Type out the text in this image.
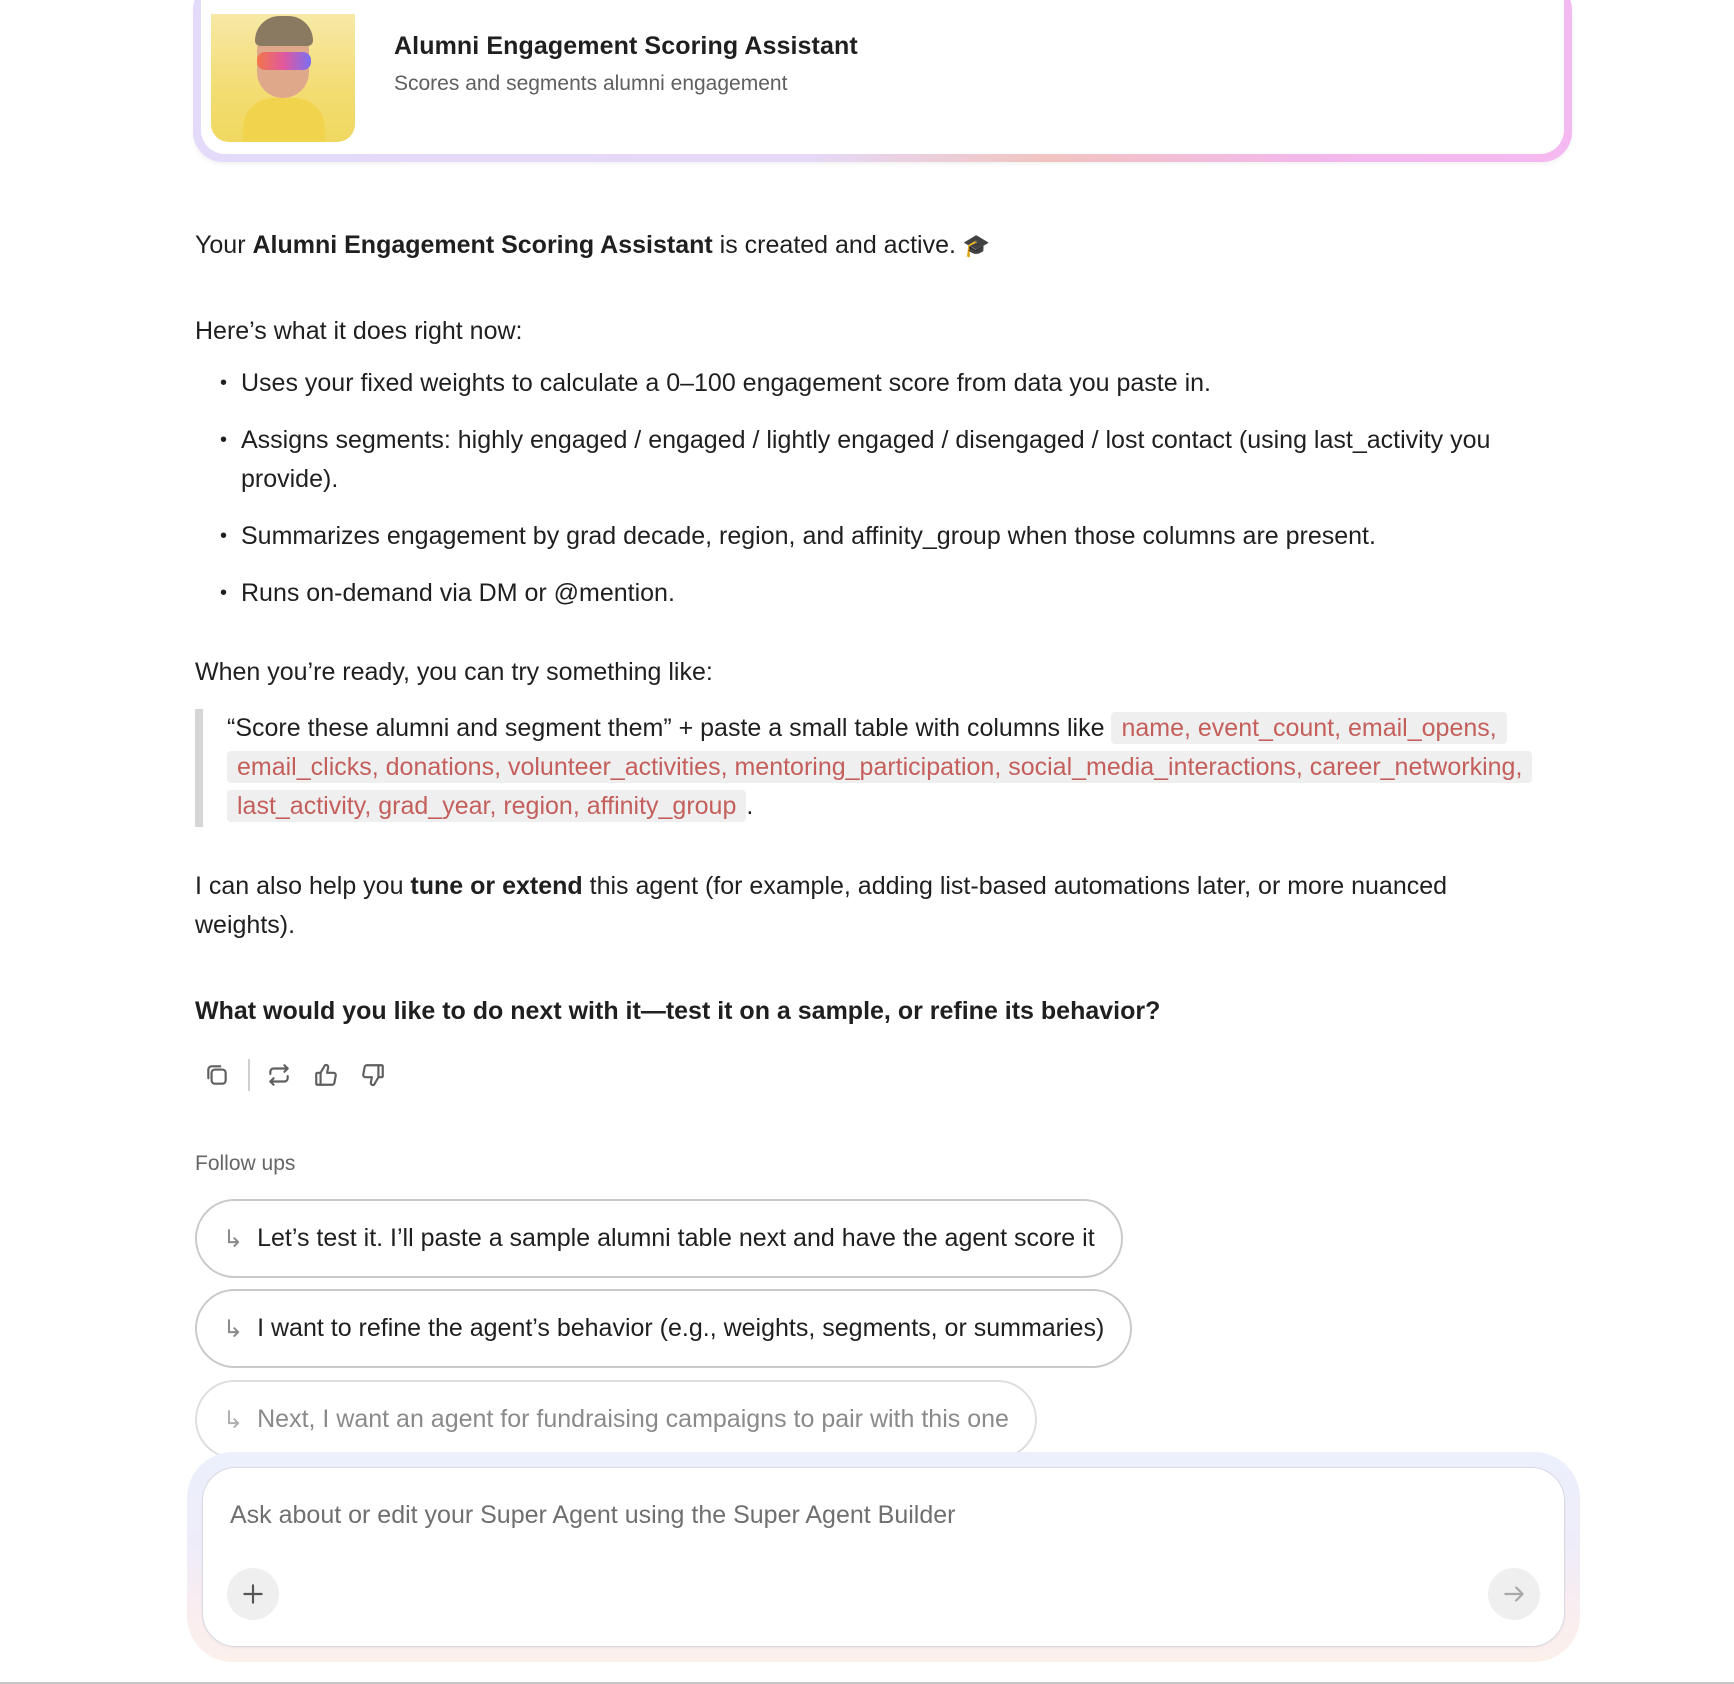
Alumni Engagement Scoring Assistant
Scores and segments alumni engagement

Your Alumni Engagement Scoring Assistant is created and active. 🎓

Here’s what it does right now:

• Uses your fixed weights to calculate a 0–100 engagement score from data you paste in.
• Assigns segments: highly engaged / engaged / lightly engaged / disengaged / lost contact (using last_activity you provide).
• Summarizes engagement by grad decade, region, and affinity_group when those columns are present.
• Runs on-demand via DM or @mention.

When you’re ready, you can try something like:

“Score these alumni and segment them” + paste a small table with columns like name, event_count, email_opens, email_clicks, donations, volunteer_activities, mentoring_participation, social_media_interactions, career_networking, last_activity, grad_year, region, affinity_group .

I can also help you tune or extend this agent (for example, adding list-based automations later, or more nuanced weights).

What would you like to do next with it—test it on a sample, or refine its behavior?

Follow ups
↳ Let’s test it. I’ll paste a sample alumni table next and have the agent score it
↳ I want to refine the agent’s behavior (e.g., weights, segments, or summaries)
↳ Next, I want an agent for fundraising campaigns to pair with this one
Ask about or edit your Super Agent using the Super Agent Builder
